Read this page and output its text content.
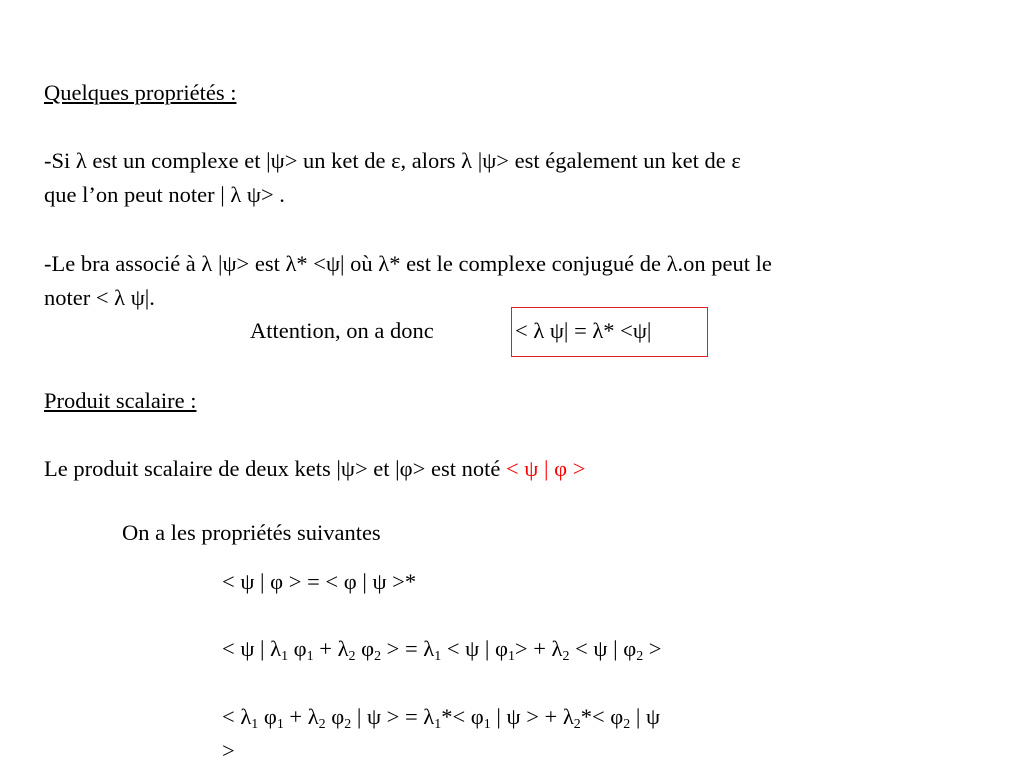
Quelques propriétés :
-Si λ est un complexe et |ψ> un ket de ε, alors λ |ψ> est également un ket de ε
que l’on peut noter | λ ψ> .
-Le bra associé à λ |ψ> est λ* <ψ| où λ* est le complexe conjugué de λ.on peut le
noter < λ ψ|.
Attention, on a donc	< λ ψ| = λ* <ψ|
Produit scalaire :
Le produit scalaire de deux kets |ψ> et |φ> est noté < ψ | φ >
On a les propriétés suivantes
< ψ | φ > = < φ | ψ >*
< ψ | $\lambda_1$ $\varphi_1 + \lambda_2$ $\varphi_2$ > = $\lambda_1 < \psi$ | $\varphi_1> + \lambda_2 < \psi$ | $\varphi_2$ >
< $\lambda_1$ $\varphi_1 + \lambda_2$ $\varphi_2$ | ψ > = $\lambda_1*< \varphi_1$ | ψ > + $\lambda_2*< \varphi_2$ | ψ
>
